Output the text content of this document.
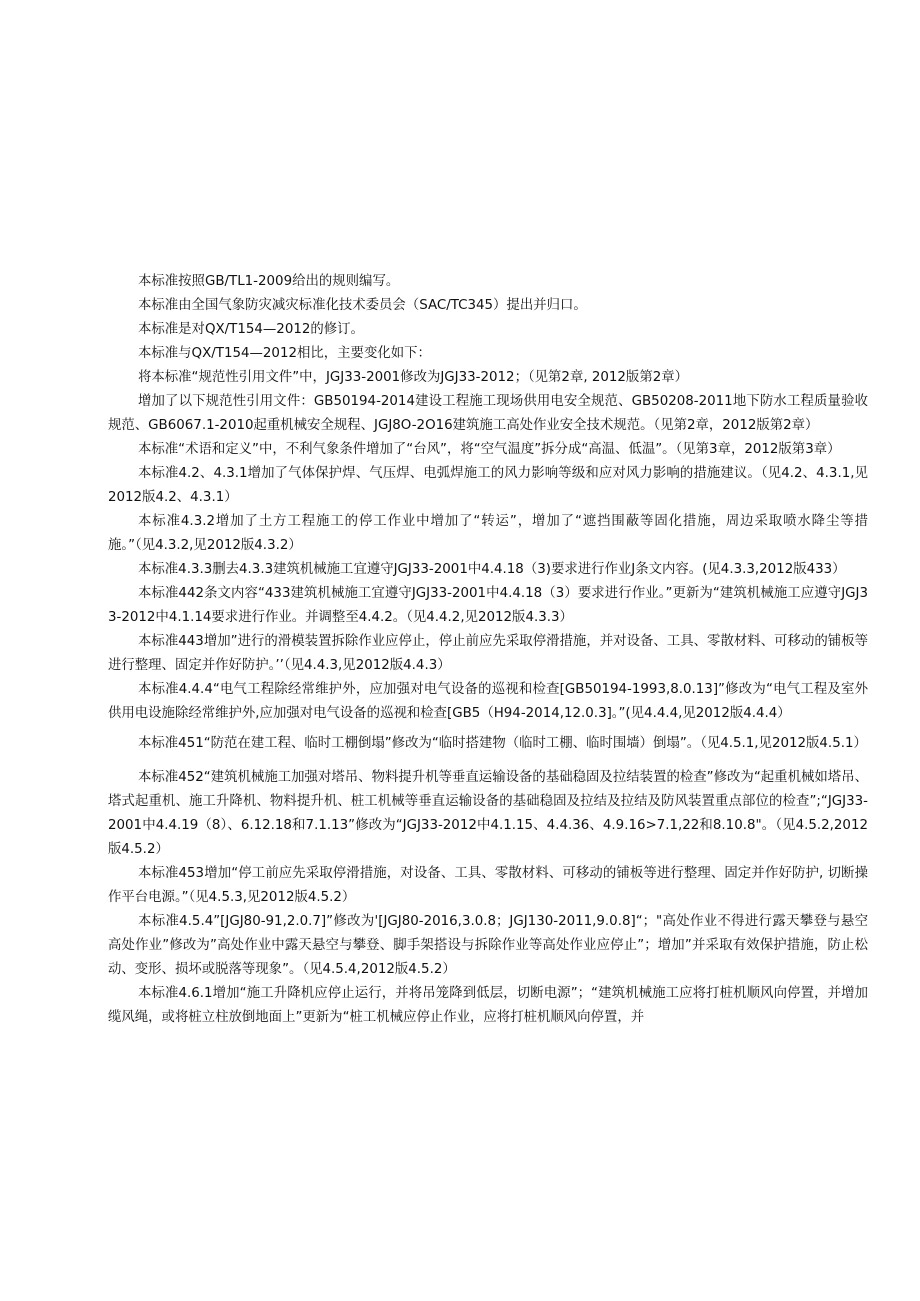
本标准按照GB/TL1-2009给出的规则编写。

本标准由全国气象防灾减灾标准化技术委员会（SAC/TC345）提出并归口。

本标准是对QX/T154—2012的修订。

本标准与QX/T154—2012相比，主要变化如下：

将本标准“规范性引用文件”中，JGJ33-2001修改为JGJ33-2012；（见第2章, 2012版第2章）

增加了以下规范性引用文件：GB50194-2014建设工程施工现场供用电安全规范、GB50208-2011地下防水工程质量验收规范、GB6067.1-2010起重机械安全规程、JGJ8O-2O16建筑施工高处作业安全技术规范。（见第2章，2012版第2章）

本标准“术语和定义”中，不利气象条件增加了“台风”，将“空气温度”拆分成“高温、低温”。（见第3章，2012版第3章）

本标准4.2、4.3.1增加了气体保护焊、气压焊、电弧焊施工的风力影响等级和应对风力影响的措施建议。（见4.2、4.3.1,见2012版4.2、4.3.1）

本标准4.3.2增加了土方工程施工的停工作业中增加了“转运”，增加了“遮挡围蔽等固化措施，周边采取喷水降尘等措施。”（见4.3.2,见2012版4.3.2）

本标准4.3.3删去4.3.3建筑机械施工宜遵守JGJ33-2001中4.4.18（3)要求进行作业J条文内容。(见4.3.3,2012版433）

本标准442条文内容“433建筑机械施工宜遵守JGJ33-2001中4.4.18（3）要求进行作业。”更新为“建筑机械施工应遵守JGJ33-2012中4.1.14要求进行作业。并调整至4.4.2。（见4.4.2,见2012版4.3.3）

本标准443增加”进行的滑模装置拆除作业应停止，停止前应先采取停滑措施，并对设备、工具、零散材料、可移动的铺板等进行整理、固定并作好防护。’’（见4.4.3,见2012版4.4.3）

本标准4.4.4“电气工程除经常维护外，应加强对电气设备的巡视和检查[GB50194-1993,8.0.13]”修改为“电气工程及室外供用电设施除经常维护外,应加强对电气设备的巡视和检查[GB5（H94-2014,12.0.3]。”(见4.4.4,见2012版4.4.4）

本标准451“防范在建工程、临时工棚倒塌”修改为“临时搭建物（临时工棚、临时围墙）倒塌”。（见4.5.1,见2012版4.5.1）

本标准452“建筑机械施工加强对塔吊、物料提升机等垂直运输设备的基础稳固及拉结装置的检查”修改为“起重机械如塔吊、塔式起重机、施工升降机、物料提升机、桩工机械等垂直运输设备的基础稳固及拉结及拉结及防风装置重点部位的检查”;“JGJ33-2001中4.4.19（8）、6.12.18和7.1.13”修改为“JGJ33-2012中4.1.15、4.4.36、4.9.16>7.1,22和8.10.8"。（见4.5.2,2012版4.5.2）

本标准453增加“停工前应先采取停滑措施，对设备、工具、零散材料、可移动的铺板等进行整理、固定并作好防护, 切断操作平台电源。”（见4.5.3,见2012版4.5.2）

本标准4.5.4”[JGJ80-91,2.0.7]”修改为'[JGJ80-2016,3.0.8；JGJ130-2011,9.0.8]“；"高处作业不得进行露天攀登与悬空高处作业”修改为”高处作业中露天悬空与攀登、脚手架搭设与拆除作业等高处作业应停止”；增加”并采取有效保护措施，防止松动、变形、损坏或脱落等现象”。（见4.5.4,2012版4.5.2）

本标准4.6.1增加“施工升降机应停止运行，并将吊笼降到低层，切断电源”；“建筑机械施工应将打桩机顺风向停置，并增加缆风绳，或将桩立柱放倒地面上”更新为“桩工机械应停止作业，应将打桩机顺风向停置，并
